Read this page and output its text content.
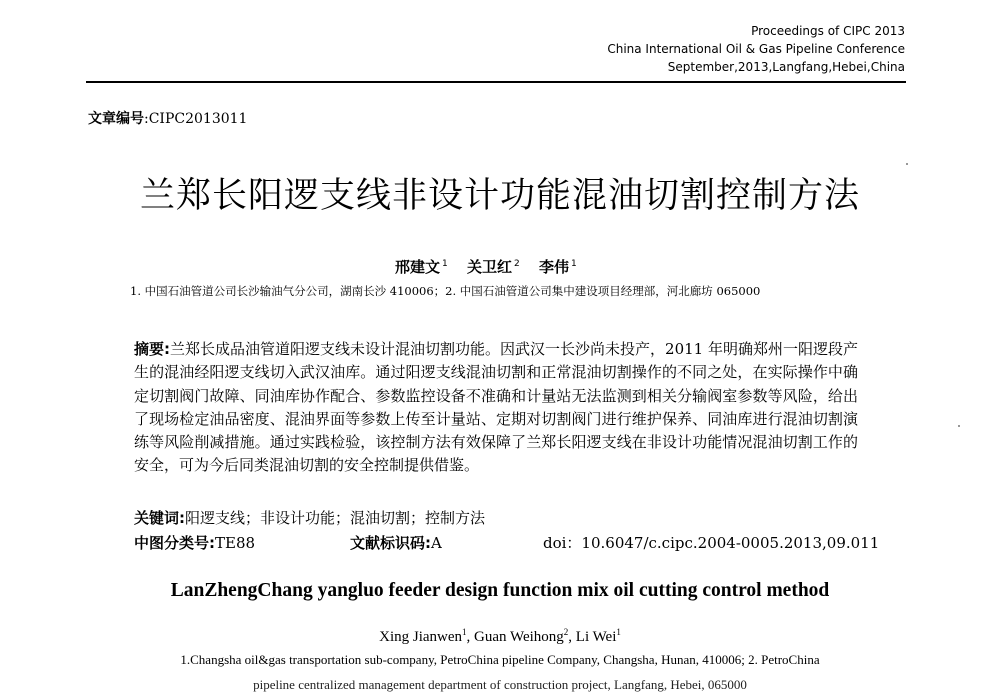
Proceedings of CIPC 2013
China International Oil & Gas Pipeline Conference
September,2013,Langfang,Hebei,China
文章编号:CIPC2013011
兰郑长阳逻支线非设计功能混油切割控制方法
邢建文 $^1$ 关卫红 $^2$ 李伟 $^1$
1. 中国石油管道公司长沙输油气分公司，湖南长沙 410006；2. 中国石油管道公司集中建设项目经理部，河北廊坊 065000
摘要:兰郑长成品油管道阳逻支线未设计混油切割功能。因武汉一长沙尚未投产，2011 年明确郑州一阳逻段产生的混油经阳逻支线切入武汉油库。通过阳逻支线混油切割和正常混油切割操作的不同之处，在实际操作中确定切割阀门故障、同油库协作配合、参数监控设备不准确和计量站无法监测到相关分输阀室参数等风险，给出了现场检定油品密度、混油界面等参数上传至计量站、定期对切割阀门进行维护保养、同油库进行混油切割演练等风险削减措施。通过实践检验，该控制方法有效保障了兰郑长阳逻支线在非设计功能情况混油切割工作的安全，可为今后同类混油切割的安全控制提供借鉴。
关键词:阳逻支线；非设计功能；混油切割；控制方法
中图分类号:TE88	文献标识码:A	doi：10.6047/c.cipc.2004-0005.2013,09.011
LanZhengChang yangluo feeder design function mix oil cutting control method
Xing Jianwen$^1$, Guan Weihong$^2$, Li Wei$^1$
1.Changsha oil&gas transportation sub-company, PetroChina pipeline Company, Changsha, Hunan, 410006; 2. PetroChina
pipeline centralized management department of construction project, Langfang, Hebei, 065000
